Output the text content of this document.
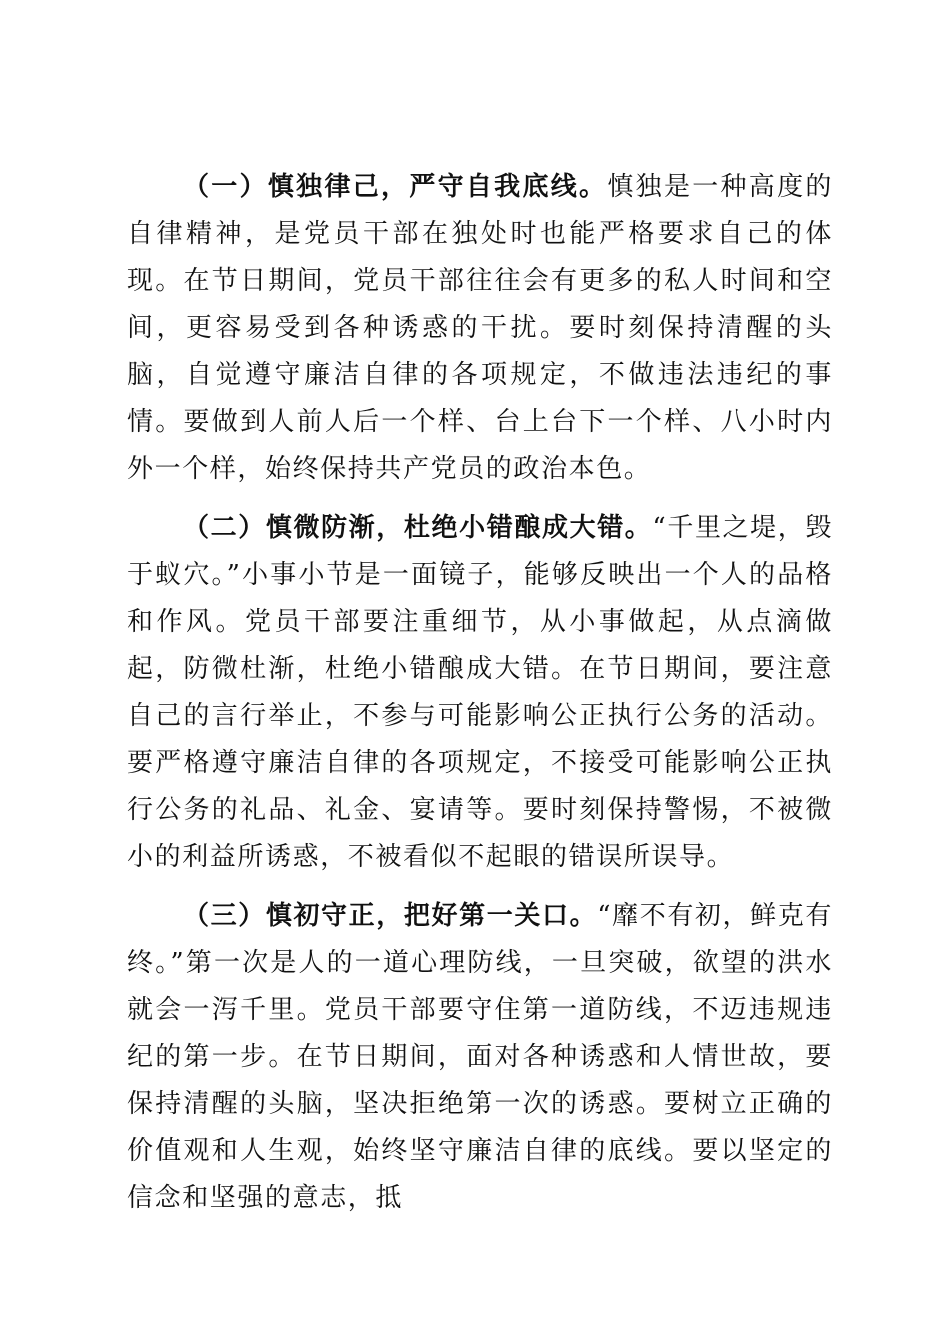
（一）慎独律己，严守自我底线。慎独是一种高度的自律精神，是党员干部在独处时也能严格要求自己的体现。在节日期间，党员干部往往会有更多的私人时间和空间，更容易受到各种诱惑的干扰。要时刻保持清醒的头脑，自觉遵守廉洁自律的各项规定，不做违法违纪的事情。要做到人前人后一个样、台上台下一个样、八小时内外一个样，始终保持共产党员的政治本色。

（二）慎微防渐，杜绝小错酿成大错。“千里之堤，毁于蚁穴。”小事小节是一面镜子，能够反映出一个人的品格和作风。党员干部要注重细节，从小事做起，从点滴做起，防微杜渐，杜绝小错酿成大错。在节日期间，要注意自己的言行举止，不参与可能影响公正执行公务的活动。要严格遵守廉洁自律的各项规定，不接受可能影响公正执行公务的礼品、礼金、宴请等。要时刻保持警惕，不被微小的利益所诱惑，不被看似不起眼的错误所误导。

（三）慎初守正，把好第一关口。“靡不有初，鲜克有终。”第一次是人的一道心理防线，一旦突破，欲望的洪水就会一泻千里。党员干部要守住第一道防线，不迈违规违纪的第一步。在节日期间，面对各种诱惑和人情世故，要保持清醒的头脑，坚决拒绝第一次的诱惑。要树立正确的价值观和人生观，始终坚守廉洁自律的底线。要以坚定的信念和坚强的意志，抵
